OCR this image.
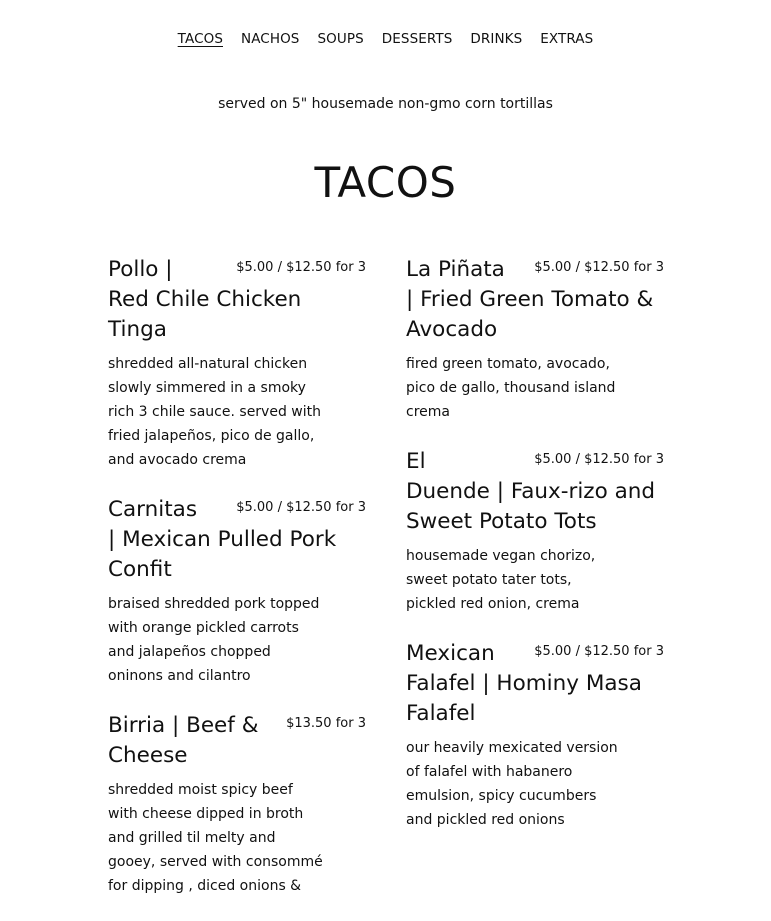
TACOS NACHOS SOUPS DESSERTS DRINKS EXTRAS
served on 5" housemade non-gmo corn tortillas
TACOS
$5.00 / $12.50 for 3
Pollo |
Red Chile Chicken Tinga

shredded all-natural chicken slowly simmered in a smoky rich 3 chile sauce. served with fried jalapeños, pico de gallo, and avocado crema

$5.00 / $12.50 for 3
Carnitas
| Mexican Pulled Pork Confit

braised shredded pork topped with orange pickled carrots and jalapeños chopped oninons and cilantro

$13.50 for 3
Birria | Beef &
Cheese

shredded moist spicy beef with cheese dipped in broth and grilled til melty and gooey, served with consommé for dipping , diced onions &

$5.00 / $12.50 for 3
La Piñata
| Fried Green Tomato & Avocado

fired green tomato, avocado, pico de gallo, thousand island crema

$5.00 / $12.50 for 3
El
Duende | Faux-rizo and Sweet Potato Tots

housemade vegan chorizo, sweet potato tater tots, pickled red onion, crema

$5.00 / $12.50 for 3
Mexican
Falafel | Hominy Masa Falafel

our heavily mexicated version of falafel with habanero emulsion, spicy cucumbers and pickled red onions
